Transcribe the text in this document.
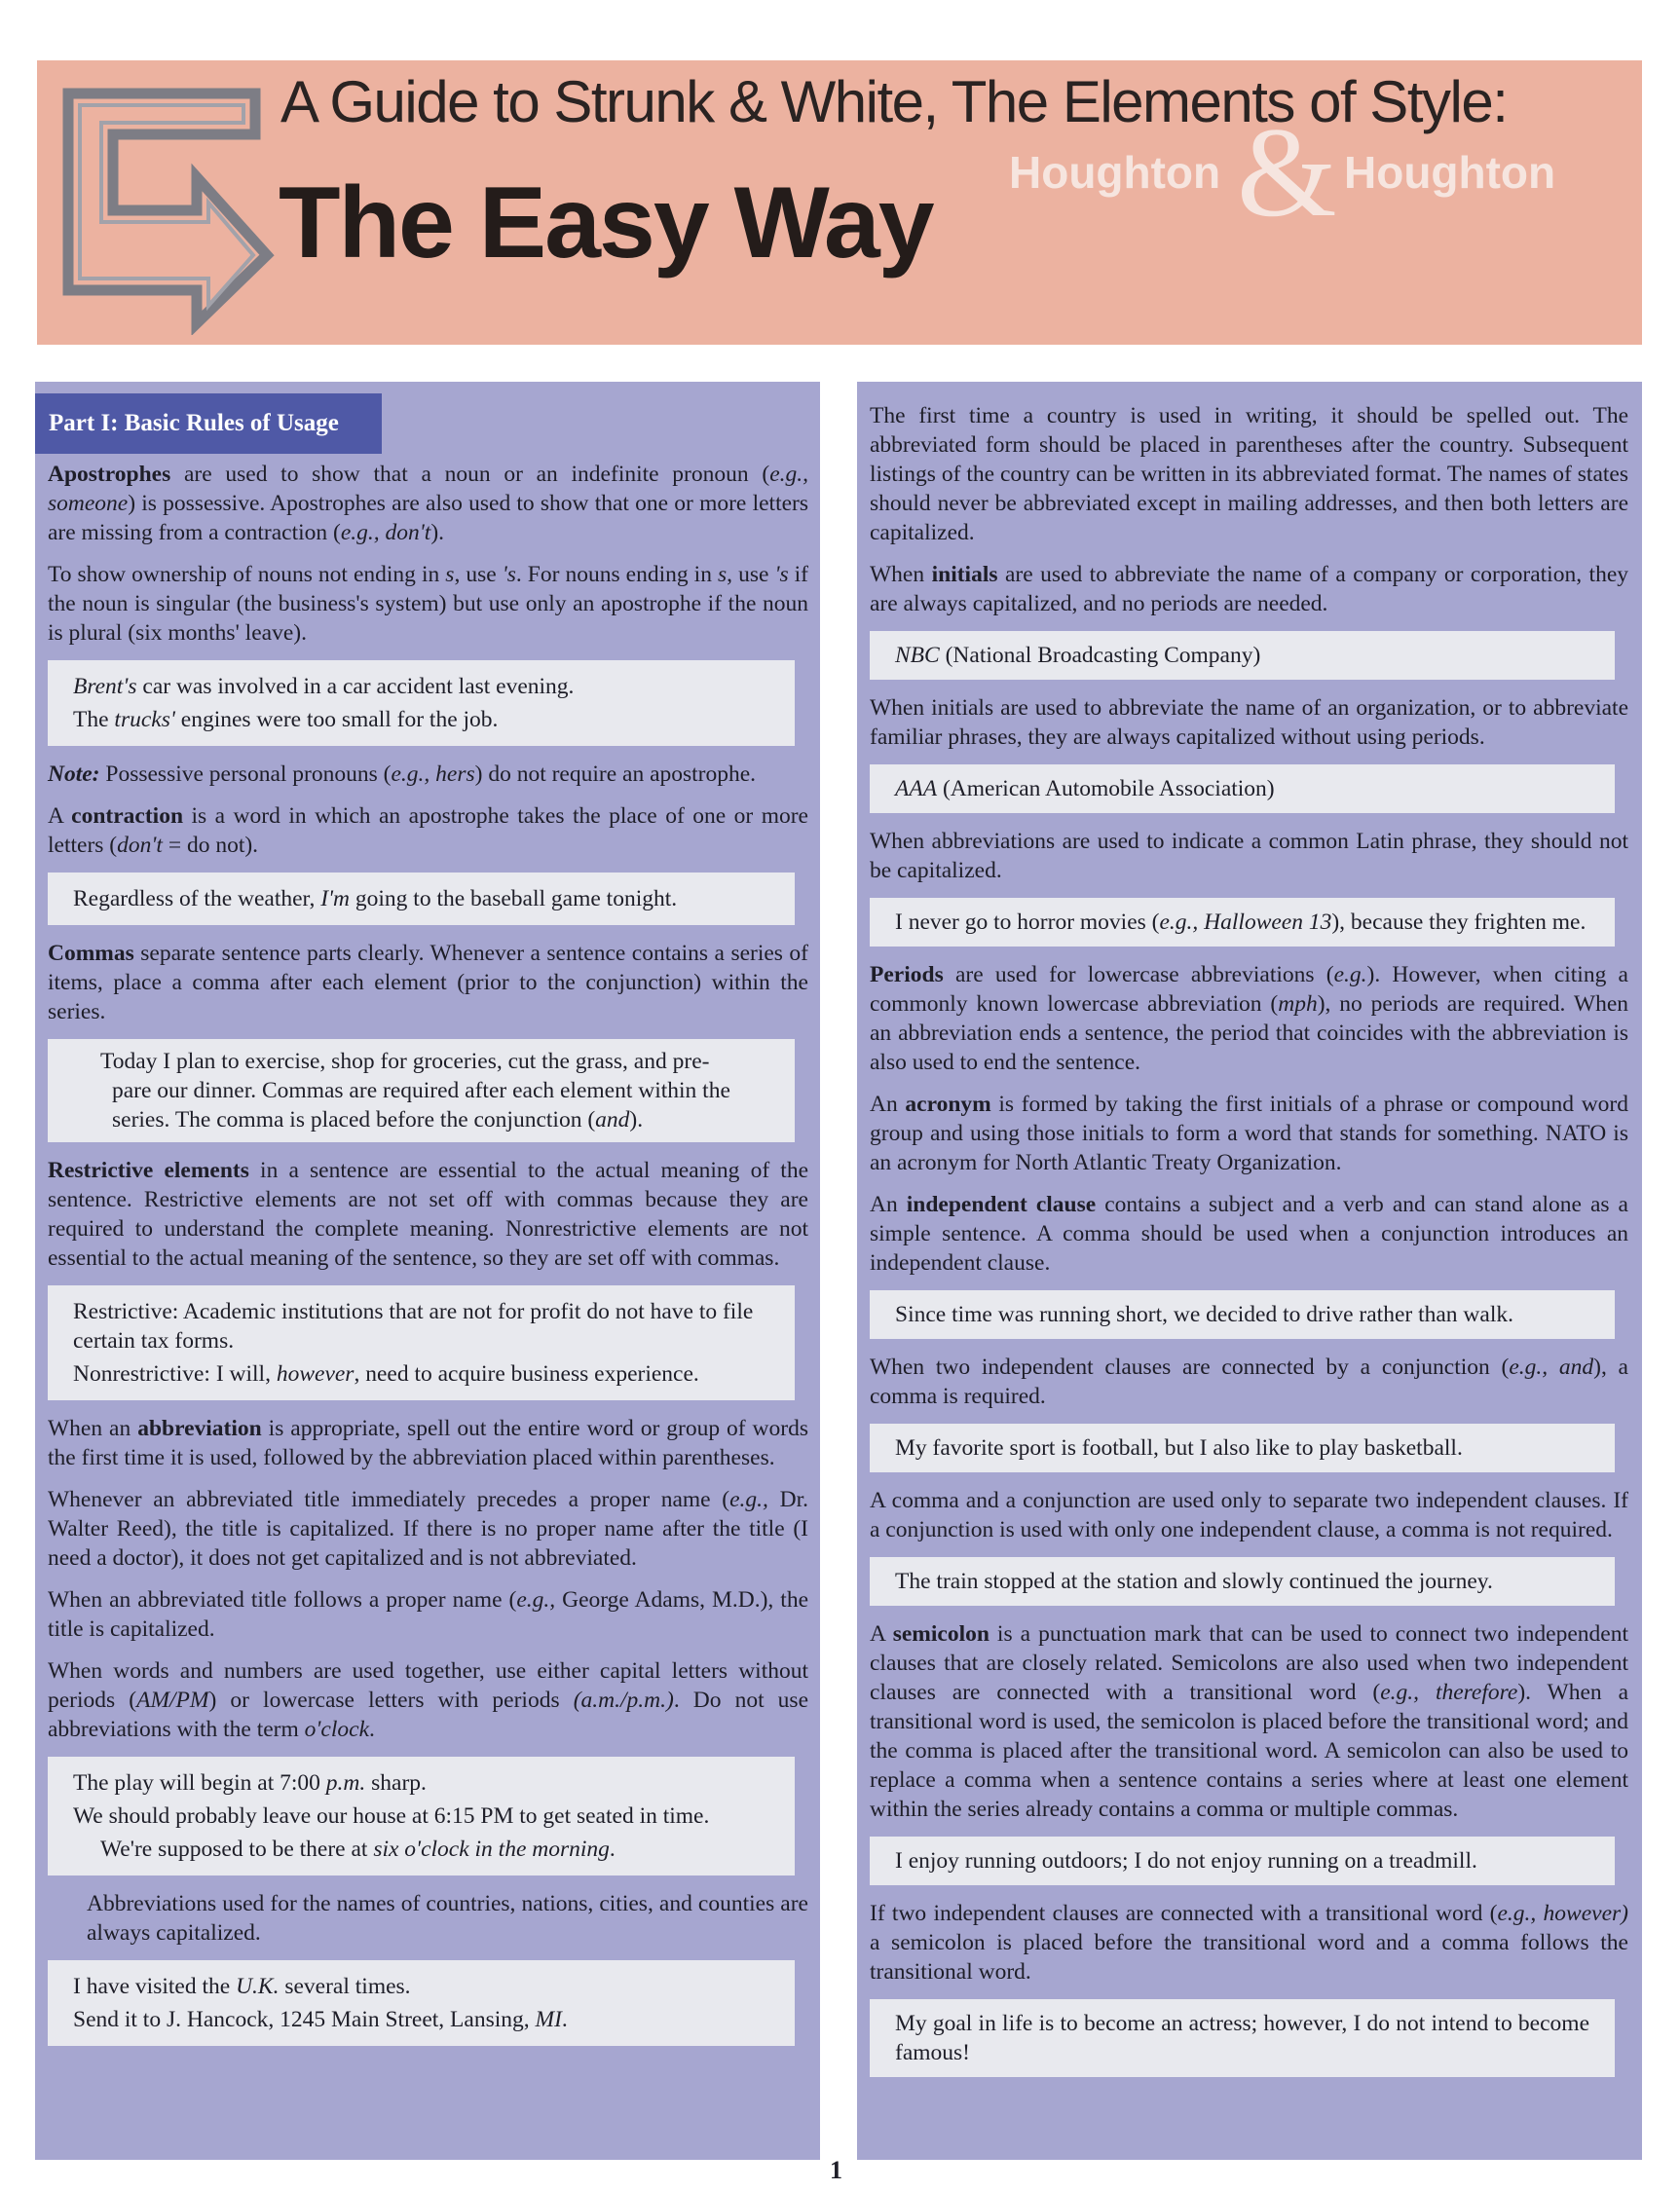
A Guide to Strunk & White, The Elements of Style:
The Easy Way Houghton & Houghton
Part I: Basic Rules of Usage

Apostrophes are used to show that a noun or an indefinite pronoun (e.g., someone) is possessive. Apostrophes are also used to show that one or more letters are missing from a contraction (e.g., don't).

To show ownership of nouns not ending in s, use 's. For nouns ending in s, use 's if the noun is singular (the business's system) but use only an apostrophe if the noun is plural (six months' leave).

Brent's car was involved in a car accident last evening.
The trucks' engines were too small for the job.

Note: Possessive personal pronouns (e.g., hers) do not require an apostrophe.

A contraction is a word in which an apostrophe takes the place of one or more letters (don't = do not).

Regardless of the weather, I'm going to the baseball game tonight.

Commas separate sentence parts clearly. Whenever a sentence contains a series of items, place a comma after each element (prior to the conjunction) within the series.

Today I plan to exercise, shop for groceries, cut the grass, and pre-
pare our dinner. Commas are required after each element within the
series. The comma is placed before the conjunction (and).

Restrictive elements in a sentence are essential to the actual meaning of the sentence. Restrictive elements are not set off with commas because they are required to understand the complete meaning. Nonrestrictive elements are not essential to the actual meaning of the sentence, so they are set off with commas.

Restrictive: Academic institutions that are not for profit do not have to file certain tax forms.
Nonrestrictive: I will, however, need to acquire business experience.

When an abbreviation is appropriate, spell out the entire word or group of words the first time it is used, followed by the abbreviation placed within parentheses.

Whenever an abbreviated title immediately precedes a proper name (e.g., Dr. Walter Reed), the title is capitalized. If there is no proper name after the title (I need a doctor), it does not get capitalized and is not abbreviated.

When an abbreviated title follows a proper name (e.g., George Adams, M.D.), the title is capitalized.

When words and numbers are used together, use either capital letters without periods (AM/PM) or lowercase letters with periods (a.m./p.m.). Do not use abbreviations with the term o'clock.

The play will begin at 7:00 p.m. sharp.
We should probably leave our house at 6:15 PM to get seated in time.
We're supposed to be there at six o'clock in the morning.

Abbreviations used for the names of countries, nations, cities, and counties are always capitalized.

I have visited the U.K. several times.
Send it to J. Hancock, 1245 Main Street, Lansing, MI.

The first time a country is used in writing, it should be spelled out. The abbreviated form should be placed in parentheses after the country. Subsequent listings of the country can be written in its abbreviated format. The names of states should never be abbreviated except in mailing addresses, and then both letters are capitalized.

When initials are used to abbreviate the name of a company or corporation, they are always capitalized, and no periods are needed.

NBC (National Broadcasting Company)

When initials are used to abbreviate the name of an organization, or to abbreviate familiar phrases, they are always capitalized without using periods.

AAA (American Automobile Association)

When abbreviations are used to indicate a common Latin phrase, they should not be capitalized.

I never go to horror movies (e.g., Halloween 13), because they frighten me.

Periods are used for lowercase abbreviations (e.g.). However, when citing a commonly known lowercase abbreviation (mph), no periods are required. When an abbreviation ends a sentence, the period that coincides with the abbreviation is also used to end the sentence.

An acronym is formed by taking the first initials of a phrase or compound word group and using those initials to form a word that stands for something. NATO is an acronym for North Atlantic Treaty Organization.

An independent clause contains a subject and a verb and can stand alone as a simple sentence. A comma should be used when a conjunction introduces an independent clause.

Since time was running short, we decided to drive rather than walk.

When two independent clauses are connected by a conjunction (e.g., and), a comma is required.

My favorite sport is football, but I also like to play basketball.

A comma and a conjunction are used only to separate two independent clauses. If a conjunction is used with only one independent clause, a comma is not required.

The train stopped at the station and slowly continued the journey.

A semicolon is a punctuation mark that can be used to connect two independent clauses that are closely related. Semicolons are also used when two independent clauses are connected with a transitional word (e.g., therefore). When a transitional word is used, the semicolon is placed before the transitional word; and the comma is placed after the transitional word. A semicolon can also be used to replace a comma when a sentence contains a series where at least one element within the series already contains a comma or multiple commas.

I enjoy running outdoors; I do not enjoy running on a treadmill.

If two independent clauses are connected with a transitional word (e.g., however) a semicolon is placed before the transitional word and a comma follows the transitional word.

My goal in life is to become an actress; however, I do not intend to become famous!
1
